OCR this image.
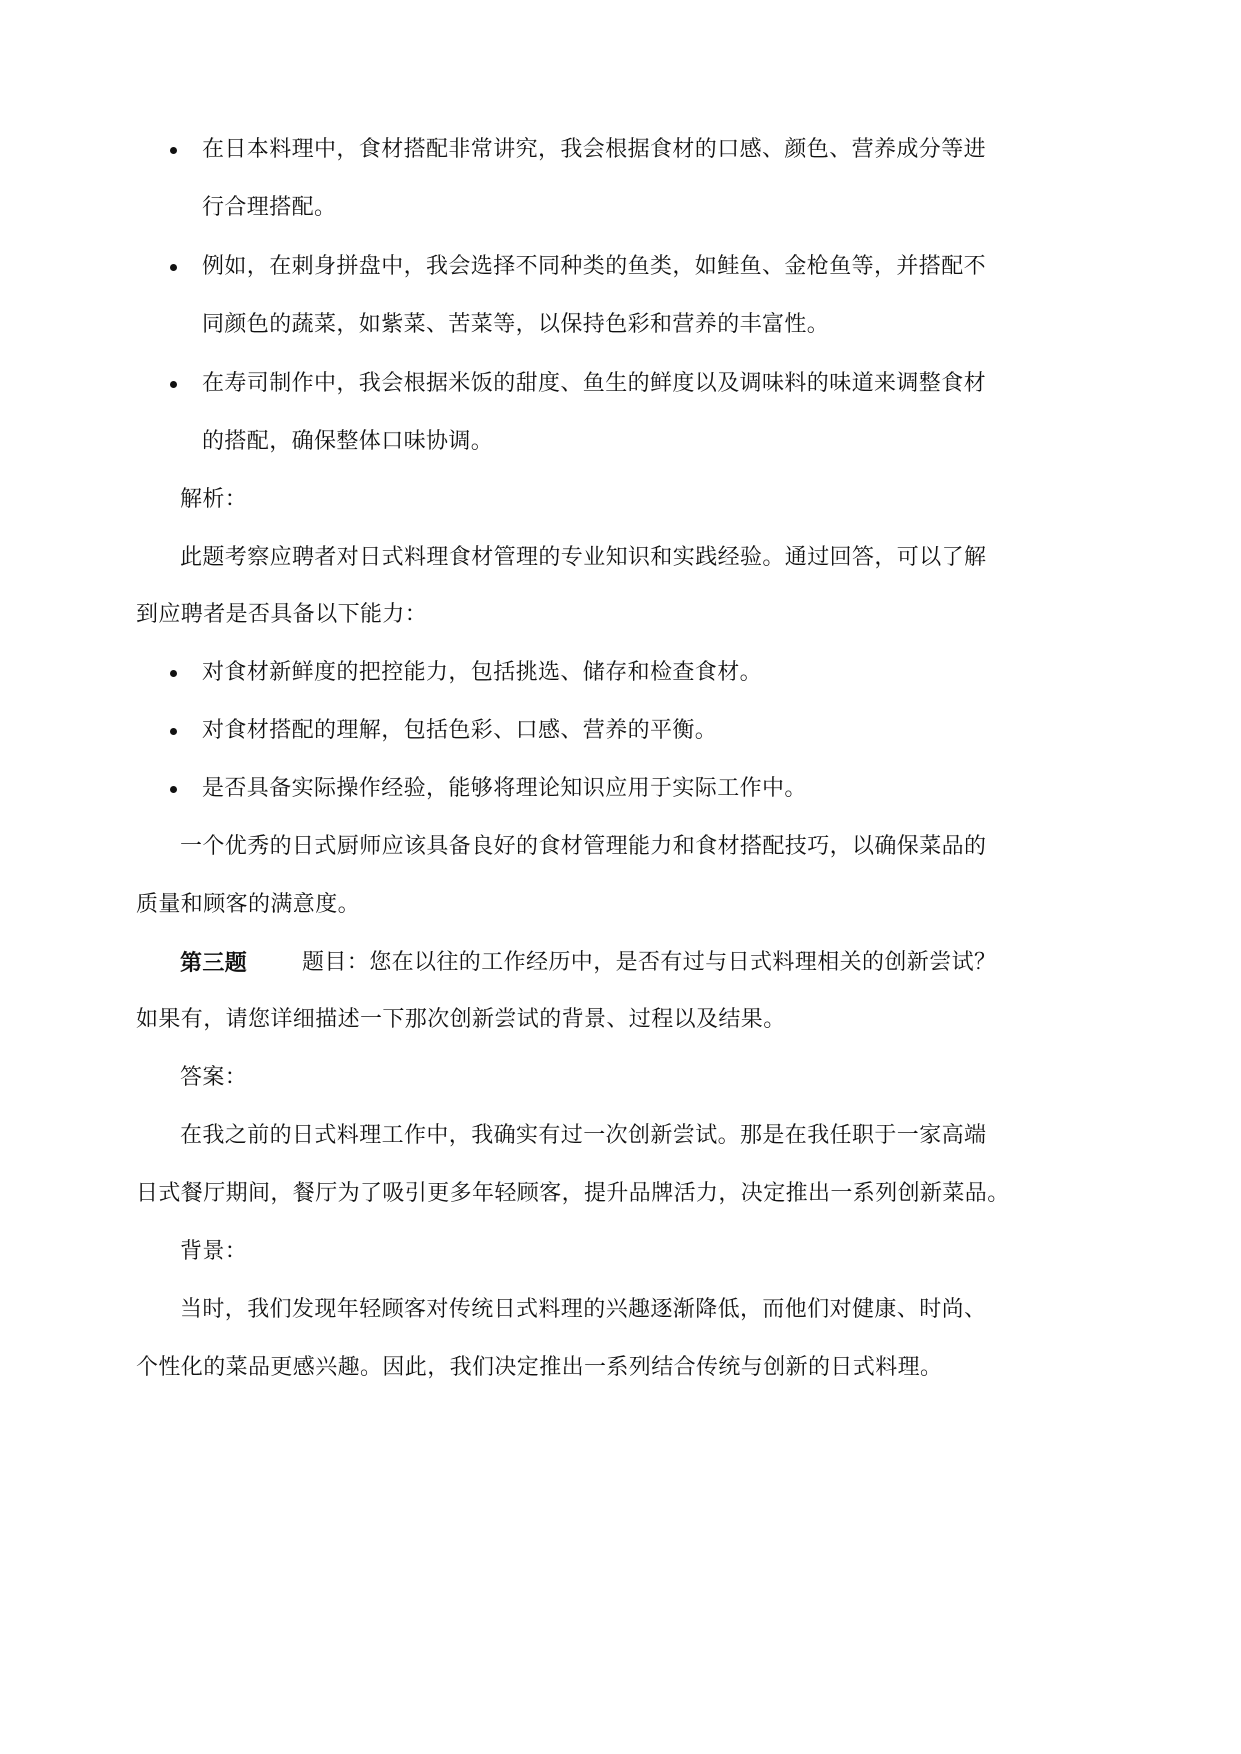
在日本料理中，食材搭配非常讲究，我会根据食材的口感、颜色、营养成分等进
行合理搭配。
例如，在刺身拼盘中，我会选择不同种类的鱼类，如鲑鱼、金枪鱼等，并搭配不
同颜色的蔬菜，如紫菜、苦菜等，以保持色彩和营养的丰富性。
在寿司制作中，我会根据米饭的甜度、鱼生的鲜度以及调味料的味道来调整食材
的搭配，确保整体口味协调。
解析：
此题考察应聘者对日式料理食材管理的专业知识和实践经验。通过回答，可以了解
到应聘者是否具备以下能力：
对食材新鲜度的把控能力，包括挑选、储存和检查食材。
对食材搭配的理解，包括色彩、口感、营养的平衡。
是否具备实际操作经验，能够将理论知识应用于实际工作中。
一个优秀的日式厨师应该具备良好的食材管理能力和食材搭配技巧，以确保菜品的
质量和顾客的满意度。
第三题 题目：您在以往的工作经历中，是否有过与日式料理相关的创新尝试？
如果有，请您详细描述一下那次创新尝试的背景、过程以及结果。
答案：
在我之前的日式料理工作中，我确实有过一次创新尝试。那是在我任职于一家高端
日式餐厅期间，餐厅为了吸引更多年轻顾客，提升品牌活力，决定推出一系列创新菜品。
背景：
当时，我们发现年轻顾客对传统日式料理的兴趣逐渐降低，而他们对健康、时尚、
个性化的菜品更感兴趣。因此，我们决定推出一系列结合传统与创新的日式料理。
